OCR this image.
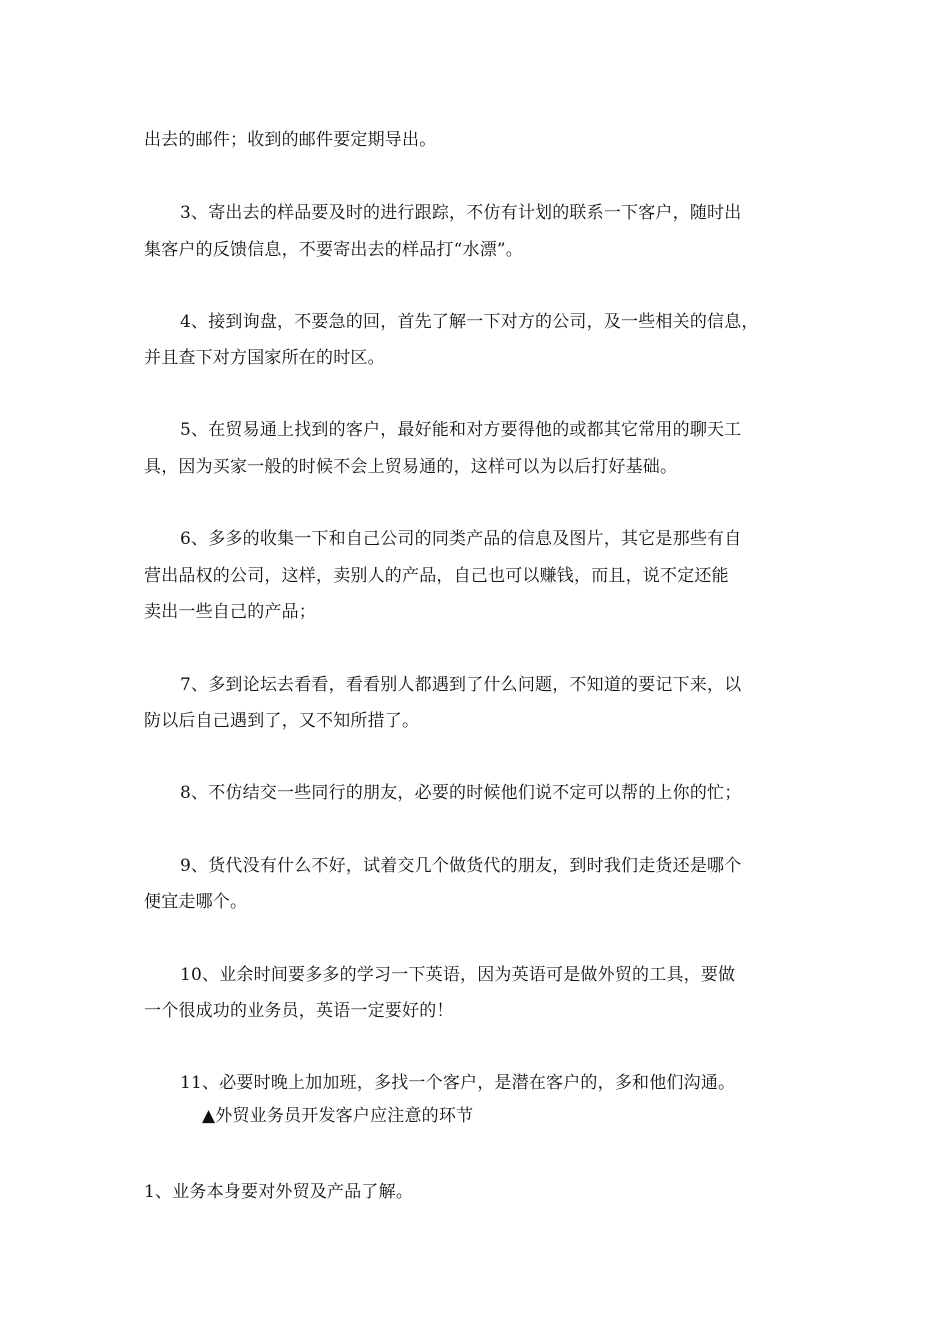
出去的邮件；收到的邮件要定期导出。
3、寄出去的样品要及时的进行跟踪，不仿有计划的联系一下客户，随时出
集客户的反馈信息，不要寄出去的样品打“水漂”。
4、接到询盘，不要急的回，首先了解一下对方的公司，及一些相关的信息，
并且查下对方国家所在的时区。
5、在贸易通上找到的客户，最好能和对方要得他的或都其它常用的聊天工
具，因为买家一般的时候不会上贸易通的，这样可以为以后打好基础。
6、多多的收集一下和自己公司的同类产品的信息及图片，其它是那些有自
营出品权的公司，这样，卖别人的产品，自己也可以赚钱，而且，说不定还能
卖出一些自己的产品；
7、多到论坛去看看，看看别人都遇到了什么问题，不知道的要记下来，以
防以后自己遇到了，又不知所措了。
8、不仿结交一些同行的朋友，必要的时候他们说不定可以帮的上你的忙；
9、货代没有什么不好，试着交几个做货代的朋友，到时我们走货还是哪个
便宜走哪个。
10、业余时间要多多的学习一下英语，因为英语可是做外贸的工具，要做
一个很成功的业务员，英语一定要好的！
11、必要时晚上加加班，多找一个客户，是潜在客户的，多和他们沟通。
▲外贸业务员开发客户应注意的环节
1、业务本身要对外贸及产品了解。
